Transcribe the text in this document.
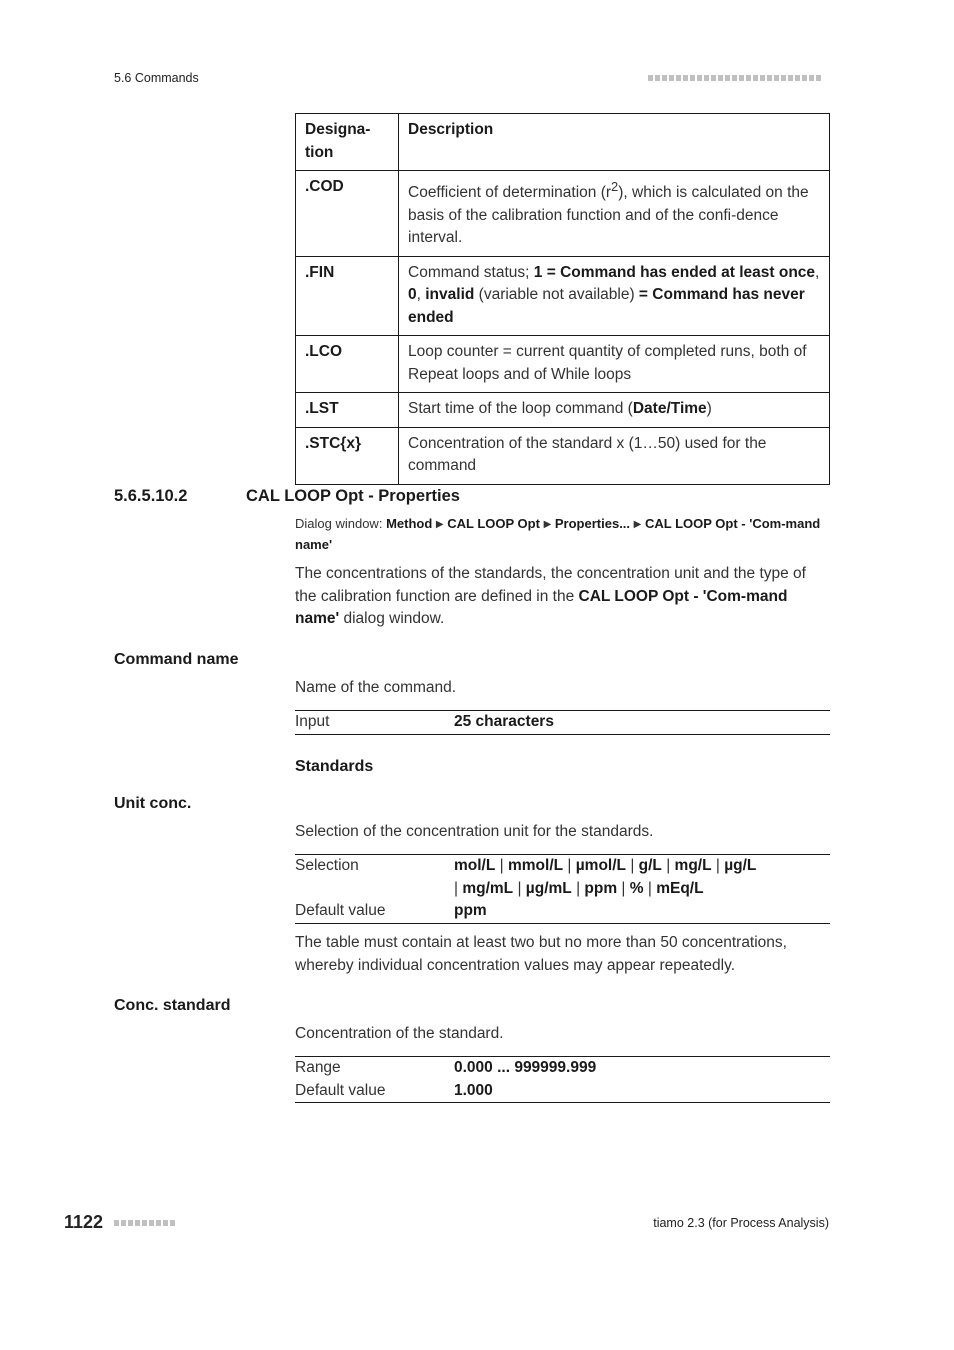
5.6 Commands
Designa-
tion	Description
.COD	Coefficient of determination $(r^2)$, which is calculated on the basis of the calibration function and of the confi-dence interval.
.FIN	Command status; 1 = Command has ended at least once, 0, invalid (variable not available) = Command has never ended
.LCO	Loop counter = current quantity of completed runs, both of Repeat loops and of While loops
.LST	Start time of the loop command (Date/Time)
.STC{x}	Concentration of the standard x (1…50) used for the command
5.6.5.10.2	CAL LOOP Opt - Properties
Dialog window: Method ▶ CAL LOOP Opt ▶ Properties... ▶ CAL LOOP Opt - 'Com-mand name'
The concentrations of the standards, the concentration unit and the type of the calibration function are defined in the CAL LOOP Opt - 'Com-mand name' dialog window.
Command name
Name of the command.
Input	25 characters
Standards
Unit conc.
Selection of the concentration unit for the standards.
Selection	mol/L | mmol/L | µmol/L | g/L | mg/L | µg/L
| mg/mL | µg/mL | ppm | % | mEq/L
Default value	ppm
The table must contain at least two but no more than 50 concentrations, whereby individual concentration values may appear repeatedly.
Conc. standard
Concentration of the standard.
Range	0.000 ... 999999.999
Default value	1.000
1122	tiamo 2.3 (for Process Analysis)
